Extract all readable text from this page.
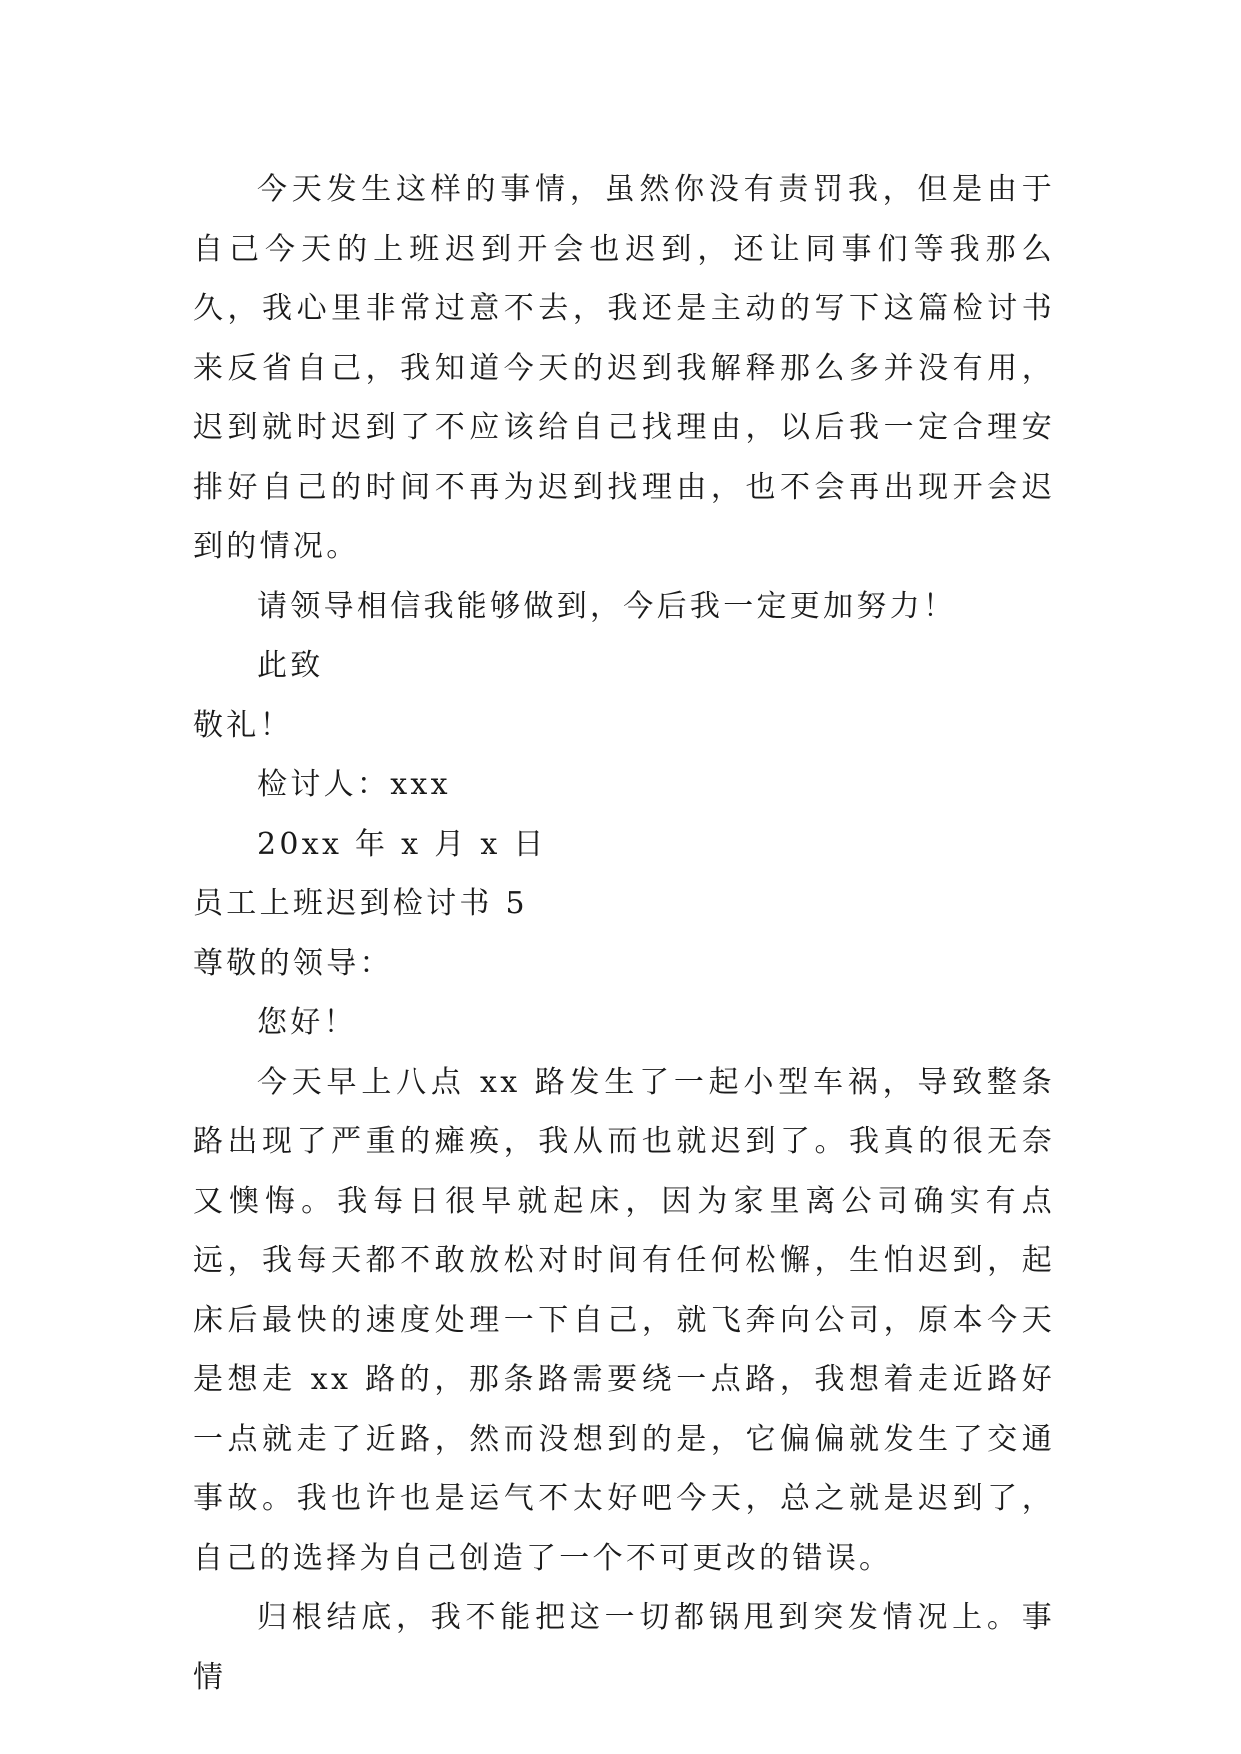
今天发生这样的事情，虽然你没有责罚我，但是由于自己今天的上班迟到开会也迟到，还让同事们等我那么久，我心里非常过意不去，我还是主动的写下这篇检讨书来反省自己，我知道今天的迟到我解释那么多并没有用，迟到就时迟到了不应该给自己找理由，以后我一定合理安排好自己的时间不再为迟到找理由，也不会再出现开会迟到的情况。

请领导相信我能够做到，今后我一定更加努力！

此致

敬礼！

检讨人：xxx

20xx 年 x 月 x 日

员工上班迟到检讨书 5

尊敬的领导：

您好！

今天早上八点 xx 路发生了一起小型车祸，导致整条路出现了严重的瘫痪，我从而也就迟到了。我真的很无奈又懊悔。我每日很早就起床，因为家里离公司确实有点远，我每天都不敢放松对时间有任何松懈，生怕迟到，起床后最快的速度处理一下自己，就飞奔向公司，原本今天是想走 xx 路的，那条路需要绕一点路，我想着走近路好一点就走了近路，然而没想到的是，它偏偏就发生了交通事故。我也许也是运气不太好吧今天，总之就是迟到了，自己的选择为自己创造了一个不可更改的错误。

归根结底，我不能把这一切都锅甩到突发情况上。事情
